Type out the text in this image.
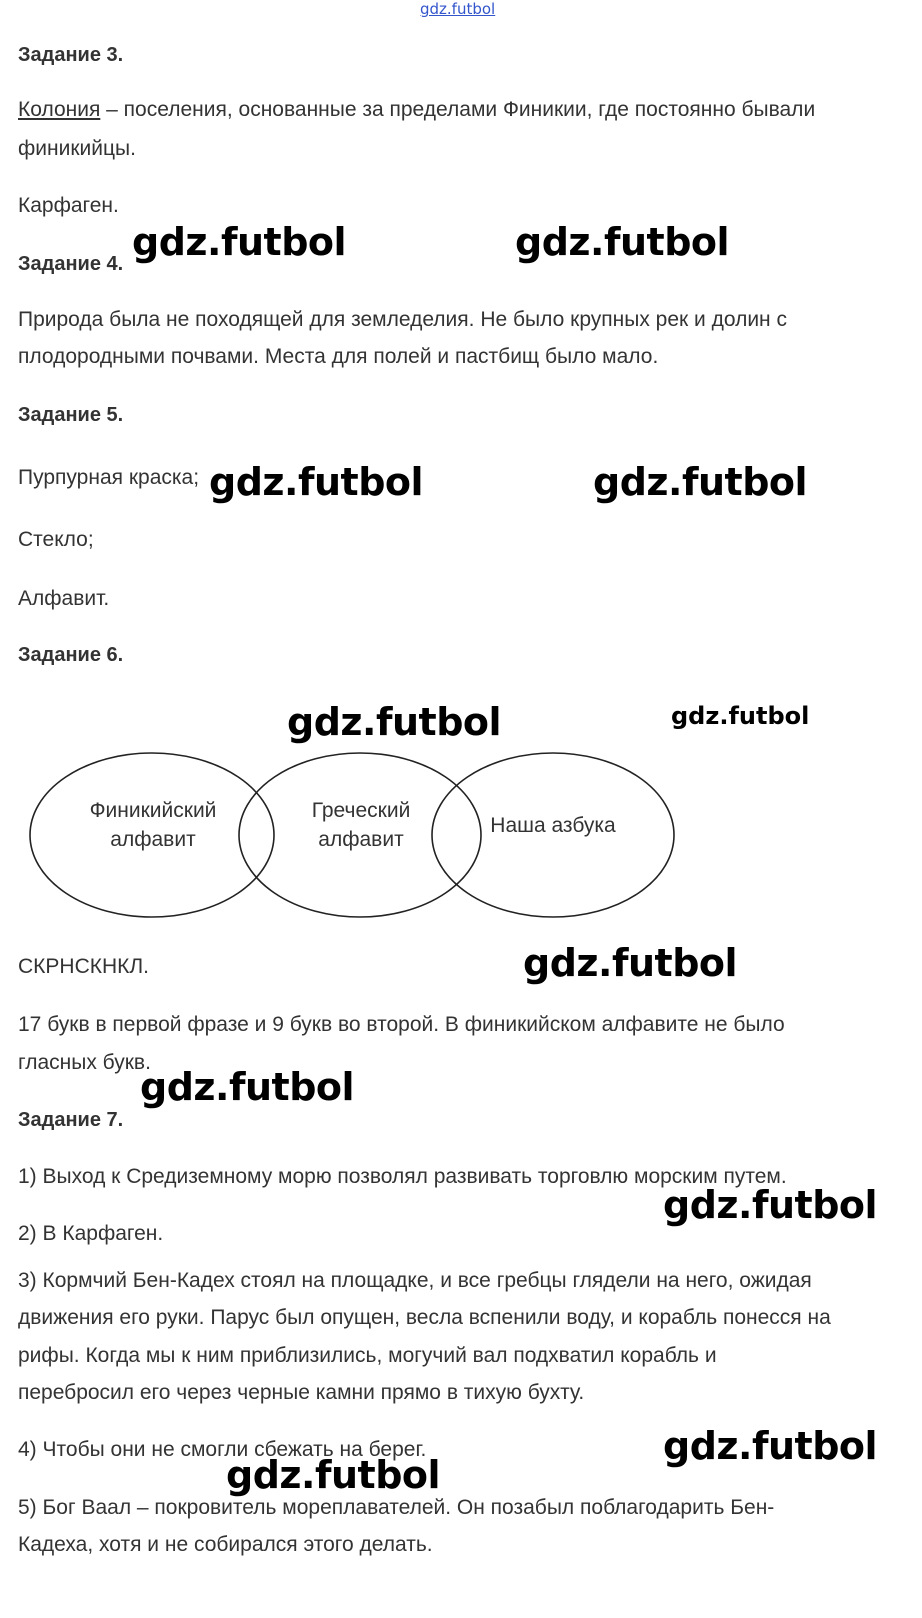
gdz.futbol
Задание 3.
Колония – поселения, основанные за пределами Финикии, где постоянно бывали
финикийцы.
Карфаген.
Задание 4.
Природа была не походящей для земледелия. Не было крупных рек и долин с
плодородными почвами. Места для полей и пастбищ было мало.
Задание 5.
Пурпурная краска;
Стекло;
Алфавит.
Задание 6.
Финикийский
алфавит
Греческий
алфавит
Наша азбука
СКРНСКНКЛ.
17 букв в первой фразе и 9 букв во второй. В финикийском алфавите не было
гласных букв.
Задание 7.
1) Выход к Средиземному морю позволял развивать торговлю морским путем.
2) В Карфаген.
3) Кормчий Бен-Кадех стоял на площадке, и все гребцы глядели на него, ожидая
движения его руки. Парус был опущен, весла вспенили воду, и корабль понесся на
рифы. Когда мы к ним приблизились, могучий вал подхватил корабль и
перебросил его через черные камни прямо в тихую бухту.
4) Чтобы они не смогли сбежать на берег.
5) Бог Ваал – покровитель мореплавателей. Он позабыл поблагодарить Бен-
Кадеха, хотя и не собирался этого делать.
gdz.futbol	gdz.futbol
gdz.futbol	gdz.futbol
gdz.futbol	gdz.futbol
gdz.futbol
gdz.futbol
gdz.futbol
gdz.futbol
gdz.futbol
